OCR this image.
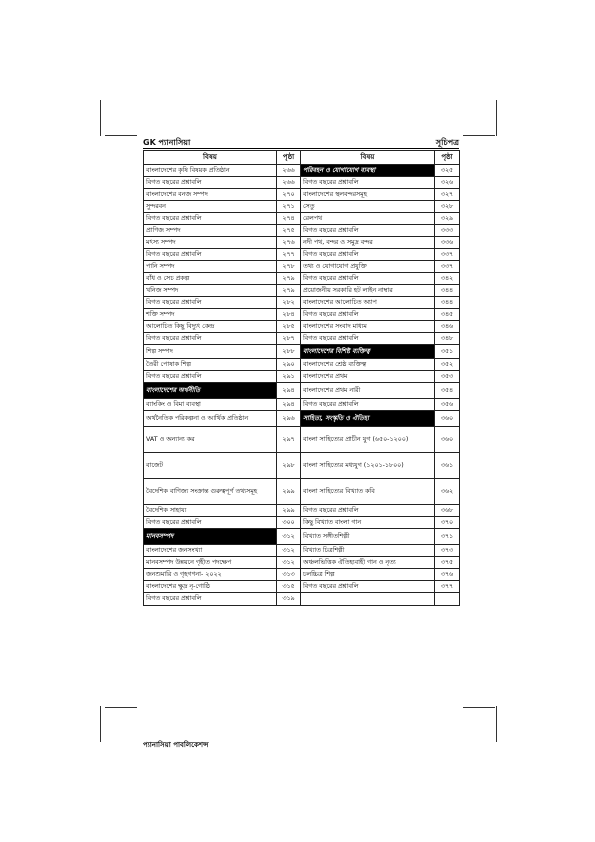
GK প্যানাসিয়া	সূচিপত্র
বিষয়	পৃষ্ঠা	বিষয়	পৃষ্ঠা
বাংলাদেশের কৃষি বিষয়ক প্রতিষ্ঠান	২৬৬	পরিবহন ও যোগাযোগ ব্যবস্থা	৩২৫
বিগত বছরের প্রশ্নাবলি	২৬৬	বিগত বছরের প্রশ্নাবলি	৩২৬
বাংলাদেশের বনজ সম্পদ	২৭০	বাংলাদেশের স্থলবন্দরসমূহ	৩২৭
সুন্দরবন	২৭১	সেতু	৩২৮
বিগত বছরের প্রশ্নাবলি	২৭৪	রেলপথ	৩২৯
প্রাণিজ সম্পদ	২৭৫	বিগত বছরের প্রশ্নাবলি	৩৩৩
মৎস্য সম্পদ	২৭৬	নদী পথ, বন্দর ও সমুদ্র বন্দর	৩৩৬
বিগত বছরের প্রশ্নাবলি	২৭৭	বিগত বছরের প্রশ্নাবলি	৩৩৭
পানি সম্পদ	২৭৮	তথ্য ও যোগাযোগ প্রযুক্তি	৩৩৭
বাঁধ ও সেচ প্রকল্প	২৭৯	বিগত বছরের প্রশ্নাবলি	৩৪২
খনিজ সম্পদ	২৭৯	প্রয়োজনীয় সরকারি হট লাইন নাম্বার	৩৪৪
বিগত বছরের প্রশ্নাবলি	২৮২	বাংলাদেশের আলোচিত অ্যাপ	৩৪৪
শক্তি সম্পদ	২৮৪	বিগত বছরের প্রশ্নাবলি	৩৪৫
আলোচিত কিছু বিদ্যুৎ কেন্দ্র	২৮৫	বাংলাদেশের সংবাদ মাধ্যম	৩৪৬
বিগত বছরের প্রশ্নাবলি	২৮৭	বিগত বছরের প্রশ্নাবলি	৩৪৮
শিল্প সম্পদ	২৮৮	বাংলাদেশের বিশিষ্ট ব্যক্তিত্ব	৩৫১
তৈরী পোষাক শিল্প	২৯০	বাংলাদেশের শ্রেষ্ঠ ব্যক্তিত্ব	৩৫২
বিগত বছরের প্রশ্নাবলি	২৯১	বাংলাদেশের প্রথম	৩৫৩
বাংলাদেশের অর্থনীতি	২৯৪	বাংলাদেশের প্রথম নারী	৩৫৪
ব্যাংকিং ও বিমা ব্যবস্থা	২৯৪	বিগত বছরের প্রশ্নাবলি	৩৫৬
অর্থনৈতিক পরিকল্পনা ও আর্থিক প্রতিষ্ঠান	২৯৬	সাহিত্য, সংস্কৃতি ও ঐতিহ্য	৩৬০
VAT ও অন্যান্য কর	২৯৭	বাংলা সাহিত্যের প্রাচীন যুগ (৬৫০-১২০০)	৩৬০
বাজেট	২৯৮	বাংলা সাহিত্যের মধ্যযুগ (১২০১-১৮০০)	৩৬১
বৈদেশিক বাণিজ্য সংক্রান্ত গুরুত্বপূর্ণ তথ্যসমূহ	২৯৯	বাংলা সাহিত্যের বিখ্যাত কবি	৩৬২
বৈদেশিক সাহায্য	২৯৯	বিগত বছরের প্রশ্নাবলি	৩৬৮
বিগত বছরের প্রশ্নাবলি	৩০০	কিছু বিখ্যাত বাংলা গান	৩৭০
মানবসম্পদ	৩১২	বিখ্যাত সঙ্গীতশিল্পী	৩৭১
বাংলাদেশের জনসংখ্যা	৩১২	বিখ্যাত চিত্রশিল্পী	৩৭৩
মানবসম্পদ উন্নয়নে গৃহীত পদক্ষেপ	৩১২	অঞ্চলভিত্তিক ঐতিহ্যবাহী গান ও নৃত্য	৩৭৫
জনশুমারি ও গৃহগণনা- ২০২২	৩১৩	চলচ্চিত্র শিল্প	৩৭৬
বাংলাদেশের ক্ষুদ্র নৃ-গোষ্ঠি	৩১৫	বিগত বছরের প্রশ্নাবলি	৩৭৭
বিগত বছরের প্রশ্নাবলি	৩১৯		
প্যানাসিয়া পাবলিকেশন্স
